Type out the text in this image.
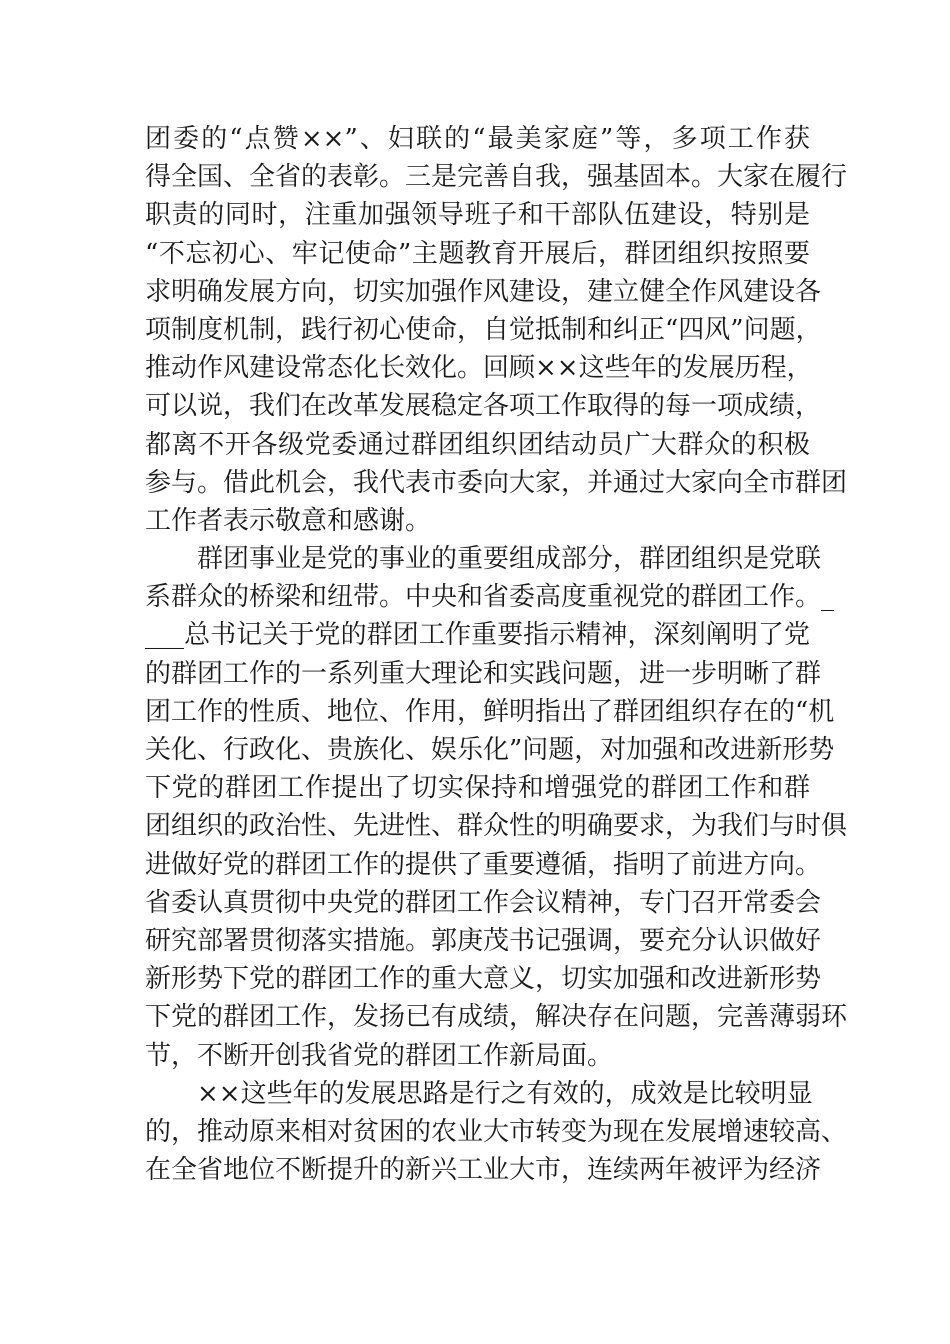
团委的“点赞××”、妇联的“最美家庭”等，多项工作获
得全国、全省的表彰。三是完善自我，强基固本。大家在履行
职责的同时，注重加强领导班子和干部队伍建设，特别是
“不忘初心、牢记使命”主题教育开展后，群团组织按照要
求明确发展方向，切实加强作风建设，建立健全作风建设各
项制度机制，践行初心使命，自觉抵制和纠正“四风”问题，
推动作风建设常态化长效化。回顾××这些年的发展历程，
可以说，我们在改革发展稳定各项工作取得的每一项成绩，
都离不开各级党委通过群团组织团结动员广大群众的积极
参与。借此机会，我代表市委向大家，并通过大家向全市群团
工作者表示敬意和感谢。
群团事业是党的事业的重要组成部分，群团组织是党联
系群众的桥梁和纽带。中央和省委高度重视党的群团工作。_
___总书记关于党的群团工作重要指示精神，深刻阐明了党
的群团工作的一系列重大理论和实践问题，进一步明晰了群
团工作的性质、地位、作用，鲜明指出了群团组织存在的“机
关化、行政化、贵族化、娱乐化”问题，对加强和改进新形势
下党的群团工作提出了切实保持和增强党的群团工作和群
团组织的政治性、先进性、群众性的明确要求，为我们与时俱
进做好党的群团工作的提供了重要遵循，指明了前进方向。
省委认真贯彻中央党的群团工作会议精神，专门召开常委会
研究部署贯彻落实措施。郭庚茂书记强调，要充分认识做好
新形势下党的群团工作的重大意义，切实加强和改进新形势
下党的群团工作，发扬已有成绩，解决存在问题，完善薄弱环
节，不断开创我省党的群团工作新局面。
××这些年的发展思路是行之有效的，成效是比较明显
的，推动原来相对贫困的农业大市转变为现在发展增速较高、
在全省地位不断提升的新兴工业大市，连续两年被评为经济
